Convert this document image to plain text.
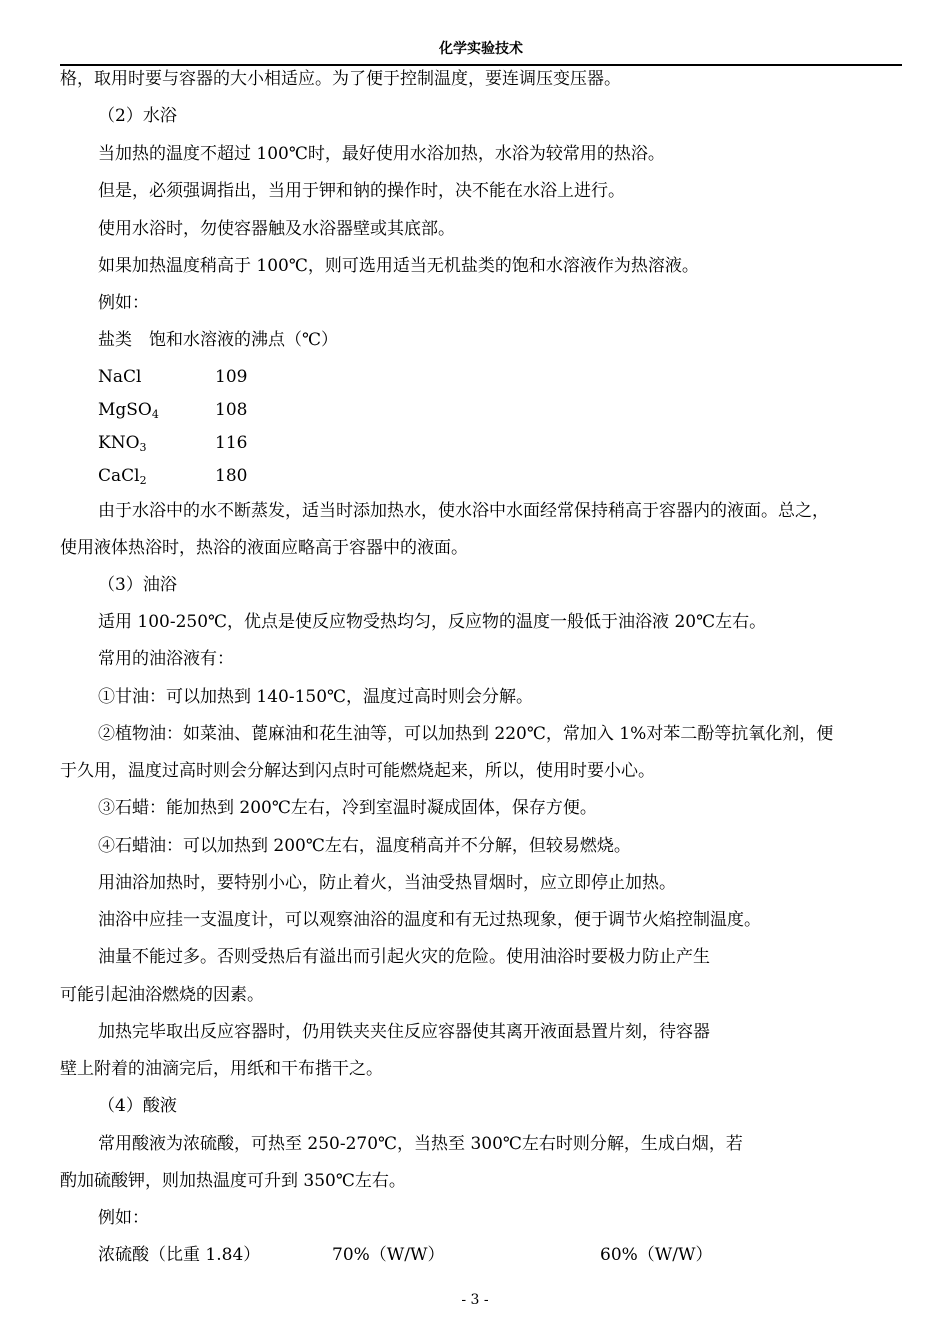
化学实验技术
格，取用时要与容器的大小相适应。为了便于控制温度，要连调压变压器。
（2）水浴
当加热的温度不超过 100℃时，最好使用水浴加热，水浴为较常用的热浴。
但是，必须强调指出，当用于钾和钠的操作时，决不能在水浴上进行。
使用水浴时，勿使容器触及水浴器壁或其底部。
如果加热温度稍高于 100℃，则可选用适当无机盐类的饱和水溶液作为热溶液。
例如：
盐类　饱和水溶液的沸点（℃）
NaCl	109
MgSO$_4$	108
$KNO_3$	116
CaCl$_2$	180
由于水浴中的水不断蒸发，适当时添加热水，使水浴中水面经常保持稍高于容器内的液面。总之，
使用液体热浴时，热浴的液面应略高于容器中的液面。
（3）油浴
适用 100-250℃，优点是使反应物受热均匀，反应物的温度一般低于油浴液 20℃左右。
常用的油浴液有：
①甘油：可以加热到 140-150℃，温度过高时则会分解。
②植物油：如菜油、蓖麻油和花生油等，可以加热到 220℃，常加入 1%对苯二酚等抗氧化剂，便
于久用，温度过高时则会分解达到闪点时可能燃烧起来，所以，使用时要小心。
③石蜡：能加热到 200℃左右，冷到室温时凝成固体，保存方便。
④石蜡油：可以加热到 200℃左右，温度稍高并不分解，但较易燃烧。
用油浴加热时，要特别小心，防止着火，当油受热冒烟时，应立即停止加热。
油浴中应挂一支温度计，可以观察油浴的温度和有无过热现象，便于调节火焰控制温度。
油量不能过多。否则受热后有溢出而引起火灾的危险。使用油浴时要极力防止产生
可能引起油浴燃烧的因素。
加热完毕取出反应容器时，仍用铁夹夹住反应容器使其离开液面悬置片刻，待容器
壁上附着的油滴完后，用纸和干布揩干之。
（4）酸液
常用酸液为浓硫酸，可热至 250-270℃，当热至 300℃左右时则分解，生成白烟，若
酌加硫酸钾，则加热温度可升到 350℃左右。
例如：
浓硫酸（比重 1.84）	70%（W/W）	60%（W/W）
- 3 -
